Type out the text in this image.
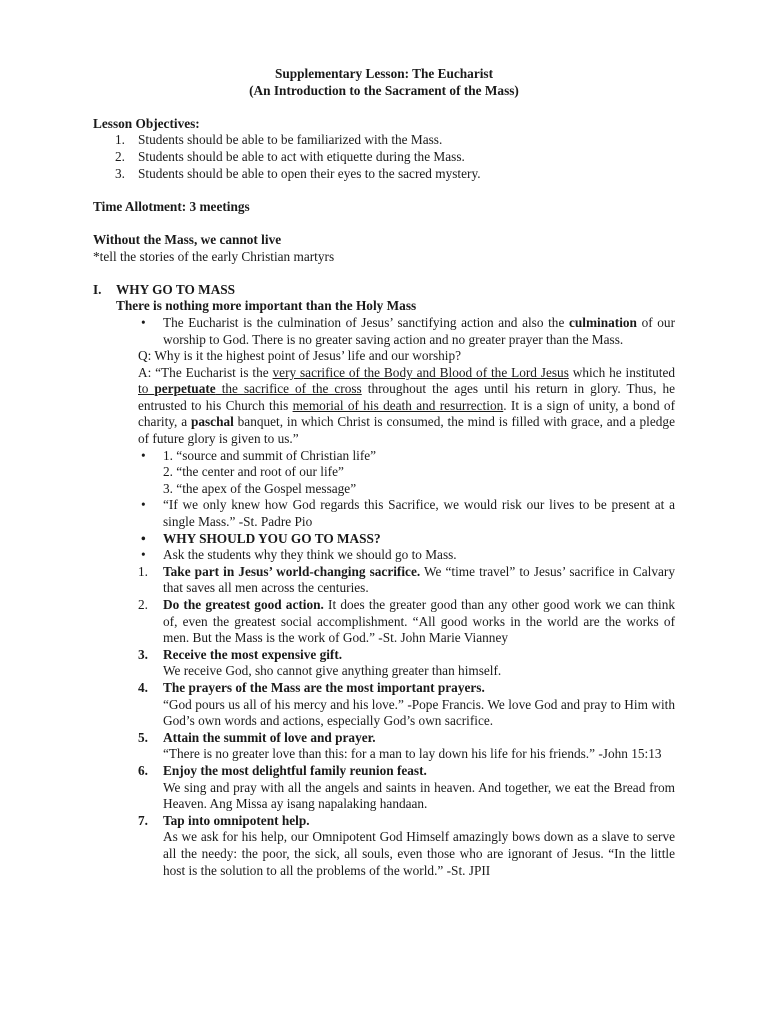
Supplementary Lesson: The Eucharist
(An Introduction to the Sacrament of the Mass)
Lesson Objectives:
1. Students should be able to be familiarized with the Mass.
2. Students should be able to act with etiquette during the Mass.
3. Students should be able to open their eyes to the sacred mystery.
Time Allotment: 3 meetings
Without the Mass, we cannot live
*tell the stories of the early Christian martyrs
I. WHY GO TO MASS
There is nothing more important than the Holy Mass
• The Eucharist is the culmination of Jesus’ sanctifying action and also the culmination of our worship to God. There is no greater saving action and no greater prayer than the Mass.
Q: Why is it the highest point of Jesus’ life and our worship?
A: “The Eucharist is the very sacrifice of the Body and Blood of the Lord Jesus which he instituted to perpetuate the sacrifice of the cross throughout the ages until his return in glory. Thus, he entrusted to his Church this memorial of his death and resurrection. It is a sign of unity, a bond of charity, a paschal banquet, in which Christ is consumed, the mind is filled with grace, and a pledge of future glory is given to us.”
• 1. “source and summit of Christian life”
2. “the center and root of our life”
3. “the apex of the Gospel message”
• “If we only knew how God regards this Sacrifice, we would risk our lives to be present at a single Mass.” -St. Padre Pio
• WHY SHOULD YOU GO TO MASS?
• Ask the students why they think we should go to Mass.
1. Take part in Jesus’ world-changing sacrifice. We “time travel” to Jesus’ sacrifice in Calvary that saves all men across the centuries.
2. Do the greatest good action. It does the greater good than any other good work we can think of, even the greatest social accomplishment. “All good works in the world are the works of men. But the Mass is the work of God.” -St. John Marie Vianney
3. Receive the most expensive gift.
We receive God, sho cannot give anything greater than himself.
4. The prayers of the Mass are the most important prayers.
“God pours us all of his mercy and his love.” -Pope Francis. We love God and pray to Him with God’s own words and actions, especially God’s own sacrifice.
5. Attain the summit of love and prayer.
“There is no greater love than this: for a man to lay down his life for his friends.” -John 15:13
6. Enjoy the most delightful family reunion feast.
We sing and pray with all the angels and saints in heaven. And together, we eat the Bread from Heaven. Ang Missa ay isang napalaking handaan.
7. Tap into omnipotent help.
As we ask for his help, our Omnipotent God Himself amazingly bows down as a slave to serve all the needy: the poor, the sick, all souls, even those who are ignorant of Jesus. “In the little host is the solution to all the problems of the world.” -St. JPII
